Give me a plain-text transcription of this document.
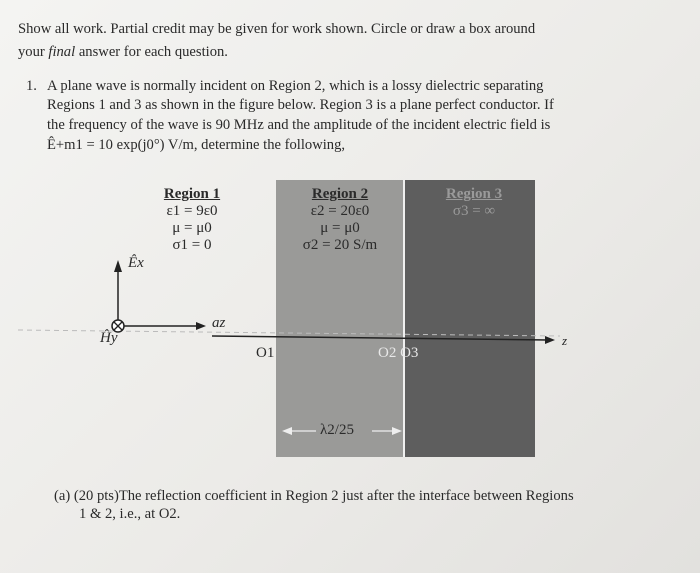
Show all work. Partial credit may be given for work shown. Circle or draw a box around
your final answer for each question.
1. A plane wave is normally incident on Region 2, which is a lossy dielectric separating
Regions 1 and 3 as shown in the figure below. Region 3 is a plane perfect conductor. If
the frequency of the wave is 90 MHz and the amplitude of the incident electric field is
Ê+m1 = 10 exp(j0°) V/m, determine the following,
Region 1
ε1 = 9ε0
μ = μ0
σ1 = 0
Region 2
ε2 = 20ε0
μ = μ0
σ2 = 20 S/m
Region 3
σ3 = ∞
Êx
Ĥy
az
z
O1	O2 O3
λ2/25
(a) (20 pts)The reflection coefficient in Region 2 just after the interface between Regions
1 & 2, i.e., at O2.
